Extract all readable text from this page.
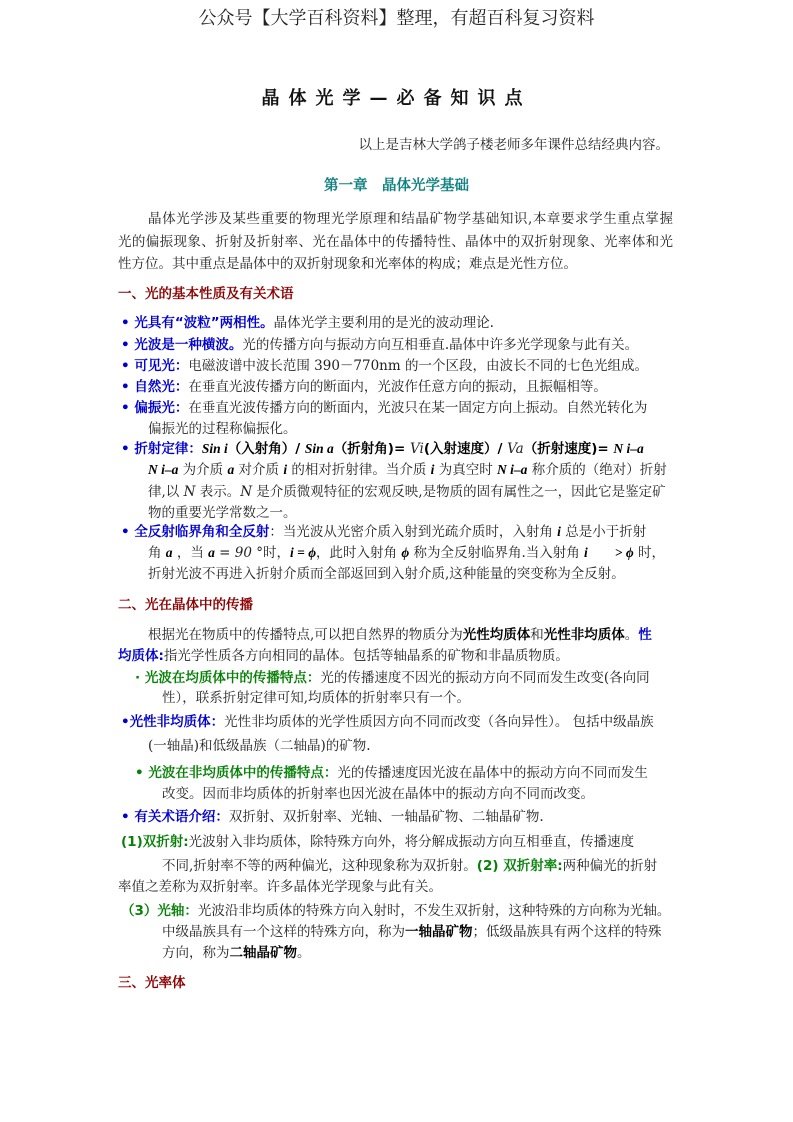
公众号【大学百科资料】整理，有超百科复习资料
晶体光学—必备知识点
以上是吉林大学鸽子楼老师多年课件总结经典内容。
第一章　晶体光学基础
晶体光学涉及某些重要的物理光学原理和结晶矿物学基础知识,本章要求学生重点掌握
光的偏振现象、折射及折射率、光在晶体中的传播特性、晶体中的双折射现象、光率体和光
性方位。其中重点是晶体中的双折射现象和光率体的构成；难点是光性方位。
一、光的基本性质及有关术语
• 光具有“波粒”两相性。晶体光学主要利用的是光的波动理论.
• 光波是一种横波。光的传播方向与振动方向互相垂直.晶体中许多光学现象与此有关。
• 可见光：电磁波谱中波长范围 390－770nm 的一个区段，由波长不同的七色光组成。
• 自然光：在垂直光波传播方向的断面内，光波作任意方向的振动，且振幅相等。
• 偏振光：在垂直光波传播方向的断面内，光波只在某一固定方向上振动。自然光转化为
偏振光的过程称偏振化。
• 折射定律：Sin i（入射角）/ Sin a（折射角)= Vi(入射速度）/ Va（折射速度)= N i–a
N i–a 为介质 a 对介质 i 的相对折射律。当介质 i 为真空时 N i–a 称介质的（绝对）折射
律,以 N 表示。N 是介质微观特征的宏观反映,是物质的固有属性之一，因此它是鉴定矿
物的重要光学常数之一。
• 全反射临界角和全反射：当光波从光密介质入射到光疏介质时，入射角 i 总是小于折射
角 a ，当 a = 90 °时，i = ϕ，此时入射角 ϕ 称为全反射临界角.当入射角 i　　 > ϕ 时，
折射光波不再进入折射介质而全部返回到入射介质,这种能量的突变称为全反射。
二、光在晶体中的传播
根据光在物质中的传播特点,可以把自然界的物质分为光性均质体和光性非均质体。性
均质体:指光学性质各方向相同的晶体。包括等轴晶系的矿物和非晶质物质。
· 光波在均质体中的传播特点：光的传播速度不因光的振动方向不同而发生改变(各向同
性），联系折射定律可知,均质体的折射率只有一个。
•光性非均质体：光性非均质体的光学性质因方向不同而改变（各向异性）。 包括中级晶族
(一轴晶)和低级晶族（二轴晶)的矿物.
• 光波在非均质体中的传播特点：光的传播速度因光波在晶体中的振动方向不同而发生
改变。因而非均质体的折射率也因光波在晶体中的振动方向不同而改变。
• 有关术语介绍：双折射、双折射率、光轴、一轴晶矿物、二轴晶矿物.
(1)双折射:光波射入非均质体，除特殊方向外，将分解成振动方向互相垂直，传播速度
不同,折射率不等的两种偏光，这种现象称为双折射。(2) 双折射率:两种偏光的折射
率值之差称为双折射率。许多晶体光学现象与此有关。
（3）光轴：光波沿非均质体的特殊方向入射时，不发生双折射，这种特殊的方向称为光轴。
中级晶族具有一个这样的特殊方向，称为一轴晶矿物；低级晶族具有两个这样的特殊
方向，称为二轴晶矿物。
三、光率体
